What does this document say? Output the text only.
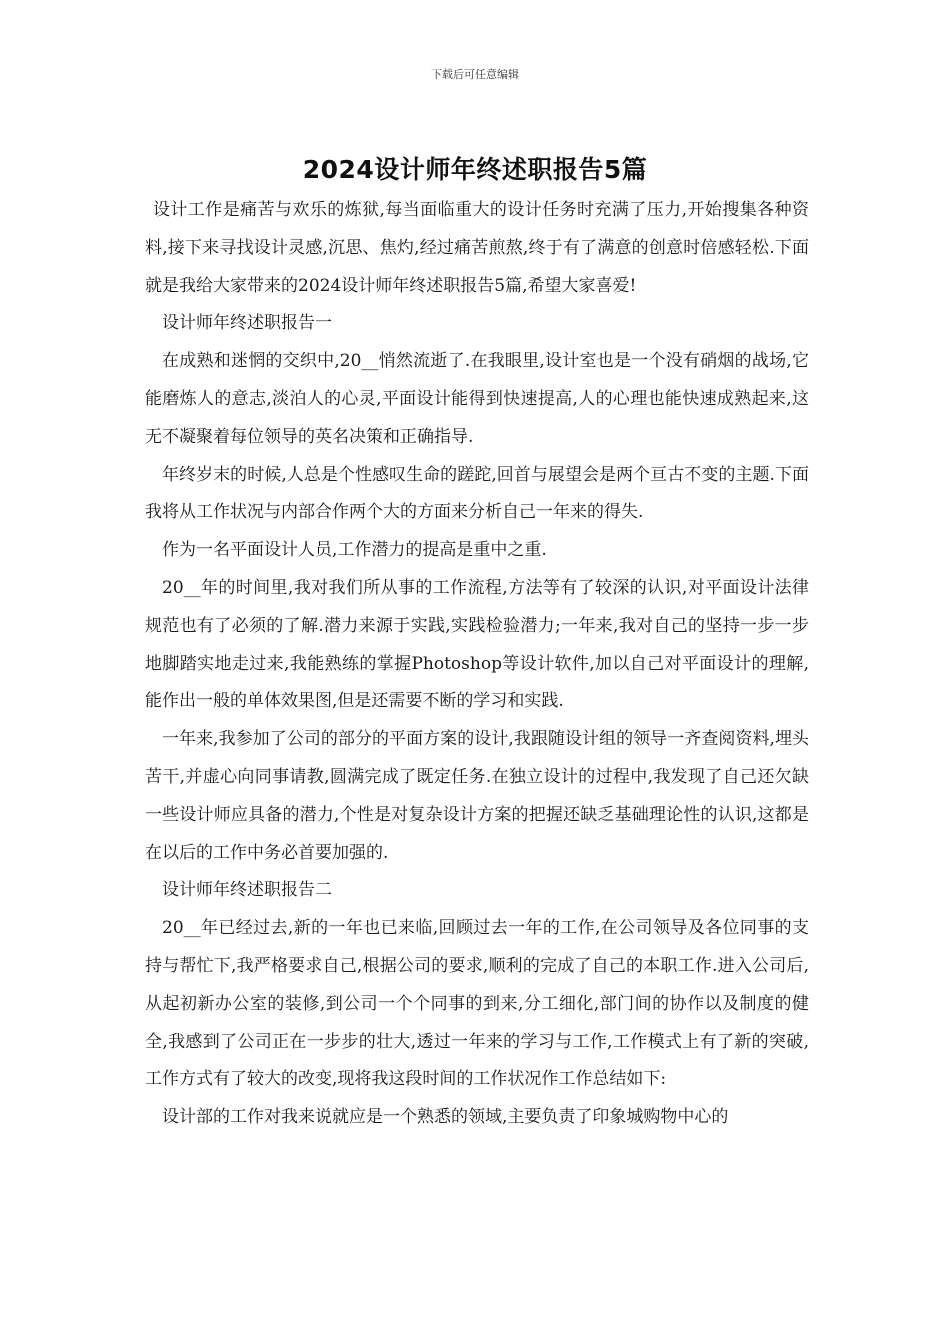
下载后可任意编辑
2024设计师年终述职报告5篇

设计工作是痛苦与欢乐的炼狱,每当面临重大的设计任务时充满了压力,开始搜集各种资料,接下来寻找设计灵感,沉思、焦灼,经过痛苦煎熬,终于有了满意的创意时倍感轻松.下面就是我给大家带来的2024设计师年终述职报告5篇,希望大家喜爱!

设计师年终述职报告一

在成熟和迷惘的交织中,20__悄然流逝了.在我眼里,设计室也是一个没有硝烟的战场,它能磨炼人的意志,淡泊人的心灵,平面设计能得到快速提高,人的心理也能快速成熟起来,这无不凝聚着每位领导的英名决策和正确指导.

年终岁末的时候,人总是个性感叹生命的蹉跎,回首与展望会是两个亘古不变的主题.下面我将从工作状况与内部合作两个大的方面来分析自己一年来的得失.

作为一名平面设计人员,工作潜力的提高是重中之重.

20__年的时间里,我对我们所从事的工作流程,方法等有了较深的认识,对平面设计法律规范也有了必须的了解.潜力来源于实践,实践检验潜力;一年来,我对自己的坚持一步一步地脚踏实地走过来,我能熟练的掌握Photoshop等设计软件,加以自己对平面设计的理解,能作出一般的单体效果图,但是还需要不断的学习和实践.

一年来,我参加了公司的部分的平面方案的设计,我跟随设计组的领导一齐查阅资料,埋头苦干,并虚心向同事请教,圆满完成了既定任务.在独立设计的过程中,我发现了自己还欠缺一些设计师应具备的潜力,个性是对复杂设计方案的把握还缺乏基础理论性的认识,这都是在以后的工作中务必首要加强的.

设计师年终述职报告二

20__年已经过去,新的一年也已来临,回顾过去一年的工作,在公司领导及各位同事的支持与帮忙下,我严格要求自己,根据公司的要求,顺利的完成了自己的本职工作.进入公司后,从起初新办公室的装修,到公司一个个同事的到来,分工细化,部门间的协作以及制度的健全,我感到了公司正在一步步的壮大,透过一年来的学习与工作,工作模式上有了新的突破,工作方式有了较大的改变,现将我这段时间的工作状况作工作总结如下:

设计部的工作对我来说就应是一个熟悉的领域,主要负责了印象城购物中心的
